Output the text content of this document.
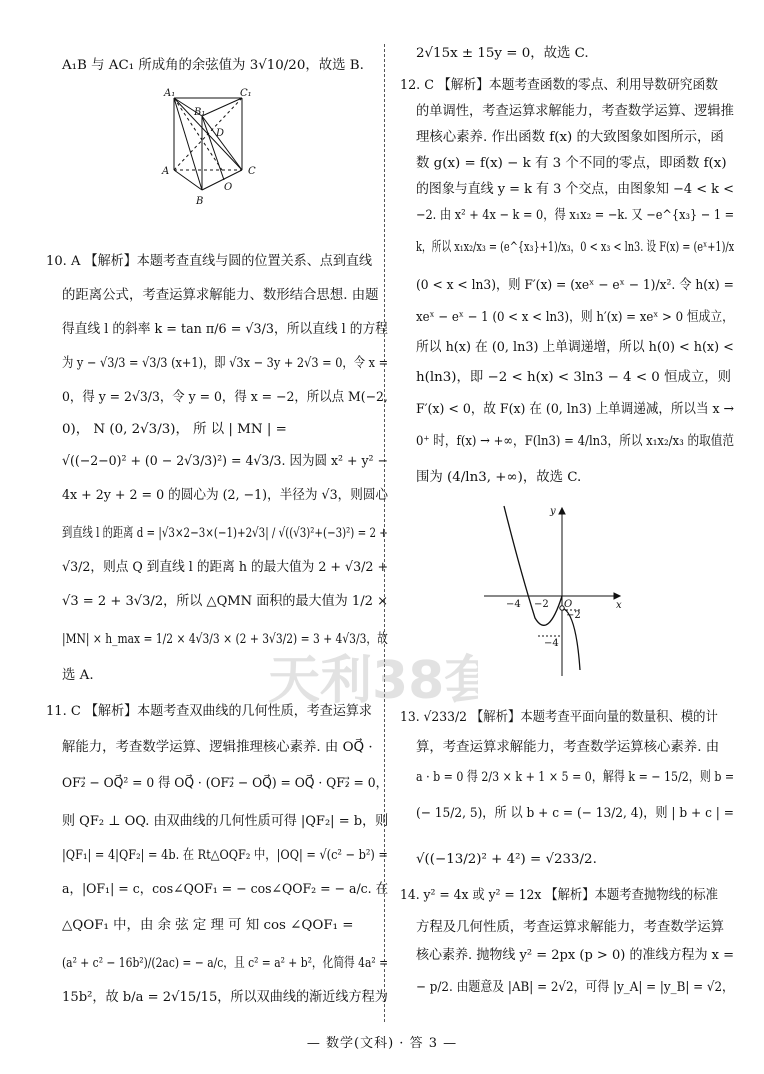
A₁B 与 AC₁ 所成角的余弦值为 3√10/20，故选 B.
10. A 【解析】本题考查直线与圆的位置关系、点到直线
的距离公式，考查运算求解能力、数形结合思想. 由题
得直线 l 的斜率 k = tan π/6 = √3/3，所以直线 l 的方程
为 y − √3/3 = √3/3 (x+1)，即 √3x − 3y + 2√3 = 0，令 x =
0，得 y = 2√3/3，令 y = 0，得 x = −2，所以点 M(−2,
0)， N (0, 2√3/3)， 所 以 | MN | =
√((−2−0)² + (0 − 2√3/3)²) = 4√3/3. 因为圆 x² + y² −
4x + 2y + 2 = 0 的圆心为 (2, −1)，半径为 √3，则圆心
到直线 l 的距离 d = |√3×2−3×(−1)+2√3| / √((√3)²+(−3)²) = 2 +
√3/2，则点 Q 到直线 l 的距离 h 的最大值为 2 + √3/2 +
√3 = 2 + 3√3/2，所以 △QMN 面积的最大值为 1/2 ×
|MN| × h_max = 1/2 × 4√3/3 × (2 + 3√3/2) = 3 + 4√3/3，故
选 A.
11. C 【解析】本题考查双曲线的几何性质，考查运算求
解能力，考查数学运算、逻辑推理核心素养. 由 OQ⃗ ·
OF₂⃗ − OQ⃗² = 0 得 OQ⃗ · (OF₂⃗ − OQ⃗) = OQ⃗ · QF₂⃗ = 0，
则 QF₂ ⊥ OQ. 由双曲线的几何性质可得 |QF₂| = b，则
|QF₁| = 4|QF₂| = 4b. 在 Rt△OQF₂ 中，|OQ| = √(c² − b²) =
a，|OF₁| = c，cos∠QOF₁ = − cos∠QOF₂ = − a/c. 在
△QOF₁ 中，由 余 弦 定 理 可 知 cos ∠QOF₁ =
(a² + c² − 16b²)/(2ac) = − a/c，且 c² = a² + b²，化简得 4a² =
15b²，故 b/a = 2√15/15，所以双曲线的渐近线方程为
2√15x ± 15y = 0，故选 C.
12. C 【解析】本题考查函数的零点、利用导数研究函数
的单调性，考查运算求解能力，考查数学运算、逻辑推
理核心素养. 作出函数 f(x) 的大致图象如图所示，函
数 g(x) = f(x) − k 有 3 个不同的零点，即函数 f(x)
的图象与直线 y = k 有 3 个交点，由图象知 −4 < k <
−2. 由 x² + 4x − k = 0，得 x₁x₂ = −k. 又 −e^{x₃} − 1 =
k，所以 x₁x₂/x₃ = (e^{x₃}+1)/x₃，0 < x₃ < ln3. 设 F(x) = (eˣ+1)/x
(0 < x < ln3)，则 F′(x) = (xeˣ − eˣ − 1)/x². 令 h(x) =
xeˣ − eˣ − 1 (0 < x < ln3)，则 h′(x) = xeˣ > 0 恒成立，
所以 h(x) 在 (0, ln3) 上单调递增，所以 h(0) < h(x) <
h(ln3)，即 −2 < h(x) < 3ln3 − 4 < 0 恒成立，则
F′(x) < 0，故 F(x) 在 (0, ln3) 上单调递减，所以当 x →
0⁺ 时，f(x) → +∞，F(ln3) = 4/ln3，所以 x₁x₂/x₃ 的取值范
围为 (4/ln3, +∞)，故选 C.
13. √233/2 【解析】本题考查平面向量的数量积、模的计
算，考查运算求解能力，考查数学运算核心素养. 由
a · b = 0 得 2/3 × k + 1 × 5 = 0，解得 k = − 15/2，则 b =
(− 15/2, 5)，所 以 b + c = (− 13/2, 4)，则 | b + c | =
√((−13/2)² + 4²) = √233/2.
14. y² = 4x 或 y² = 12x 【解析】本题考查抛物线的标准
方程及几何性质，考查运算求解能力，考查数学运算
核心素养. 抛物线 y² = 2px (p > 0) 的准线方程为 x =
− p/2. 由题意及 |AB| = 2√2，可得 |y_A| = |y_B| = √2，
A₁	C₁
B₁
D
A	C
O
B
y
x
O
−4 −2
−2
−4
天利38套
— 数学(文科) · 答 3 —
